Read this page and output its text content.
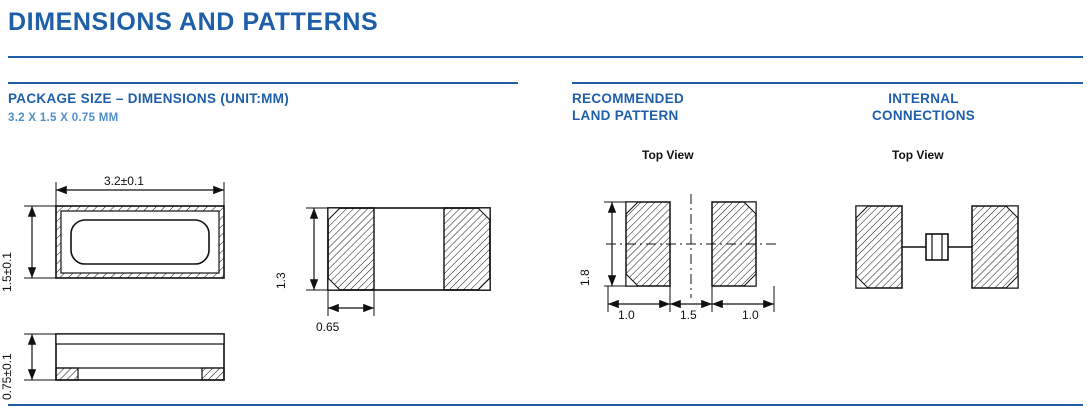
DIMENSIONS AND PATTERNS
PACKAGE SIZE – DIMENSIONS (UNIT:MM)
3.2 X 1.5 X 0.75 MM
RECOMMENDED
LAND PATTERN
INTERNAL
CONNECTIONS
Top View	Top View
3.2±0.1
1.5±0.1
0.75±0.1
1.3
0.65
1.8
1.0	1.5	1.0
